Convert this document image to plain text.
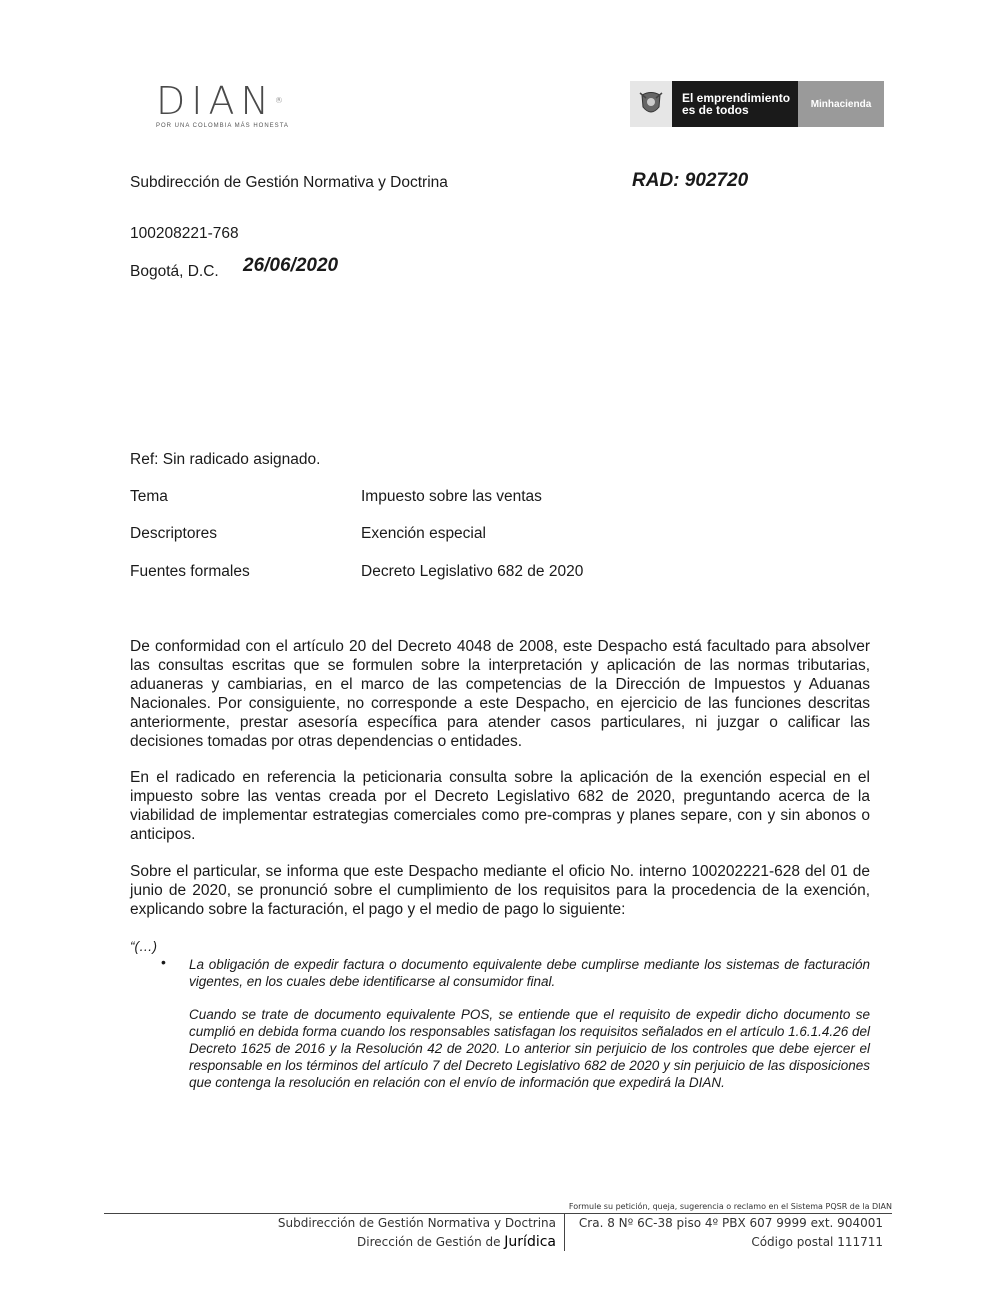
DIAN®
POR UNA COLOMBIA MÁS HONESTA
El emprendimiento
es de todos	Minhacienda
Subdirección de Gestión Normativa y Doctrina	RAD: 902720
100208221-768
Bogotá, D.C. 26/06/2020
Ref: Sin radicado asignado.
Tema	Impuesto sobre las ventas
Descriptores	Exención especial
Fuentes formales	Decreto Legislativo 682 de 2020

De conformidad con el artículo 20 del Decreto 4048 de 2008, este Despacho está facultado para absolver las consultas escritas que se formulen sobre la interpretación y aplicación de las normas tributarias, aduaneras y cambiarias, en el marco de las competencias de la Dirección de Impuestos y Aduanas Nacionales. Por consiguiente, no corresponde a este Despacho, en ejercicio de las funciones descritas anteriormente, prestar asesoría específica para atender casos particulares, ni juzgar o calificar las decisiones tomadas por otras dependencias o entidades.

En el radicado en referencia la peticionaria consulta sobre la aplicación de la exención especial en el impuesto sobre las ventas creada por el Decreto Legislativo 682 de 2020, preguntando acerca de la viabilidad de implementar estrategias comerciales como pre-compras y planes separe, con y sin abonos o anticipos.

Sobre el particular, se informa que este Despacho mediante el oficio No. interno 100202221-628 del 01 de junio de 2020, se pronunció sobre el cumplimiento de los requisitos para la procedencia de la exención, explicando sobre la facturación, el pago y el medio de pago lo siguiente:

“(…)
• La obligación de expedir factura o documento equivalente debe cumplirse mediante los sistemas de facturación vigentes, en los cuales debe identificarse al consumidor final.

Cuando se trate de documento equivalente POS, se entiende que el requisito de expedir dicho documento se cumplió en debida forma cuando los responsables satisfagan los requisitos señalados en el artículo 1.6.1.4.26 del Decreto 1625 de 2016 y la Resolución 42 de 2020. Lo anterior sin perjuicio de los controles que debe ejercer el responsable en los términos del artículo 7 del Decreto Legislativo 682 de 2020 y sin perjuicio de las disposiciones que contenga la resolución en relación con el envío de información que expedirá la DIAN.

Formule su petición, queja, sugerencia o reclamo en el Sistema PQSR de la DIAN
Subdirección de Gestión Normativa y Doctrina
Dirección de Gestión de Jurídica
Cra. 8 Nº 6C-38 piso 4º PBX 607 9999 ext. 904001
Código postal 111711
